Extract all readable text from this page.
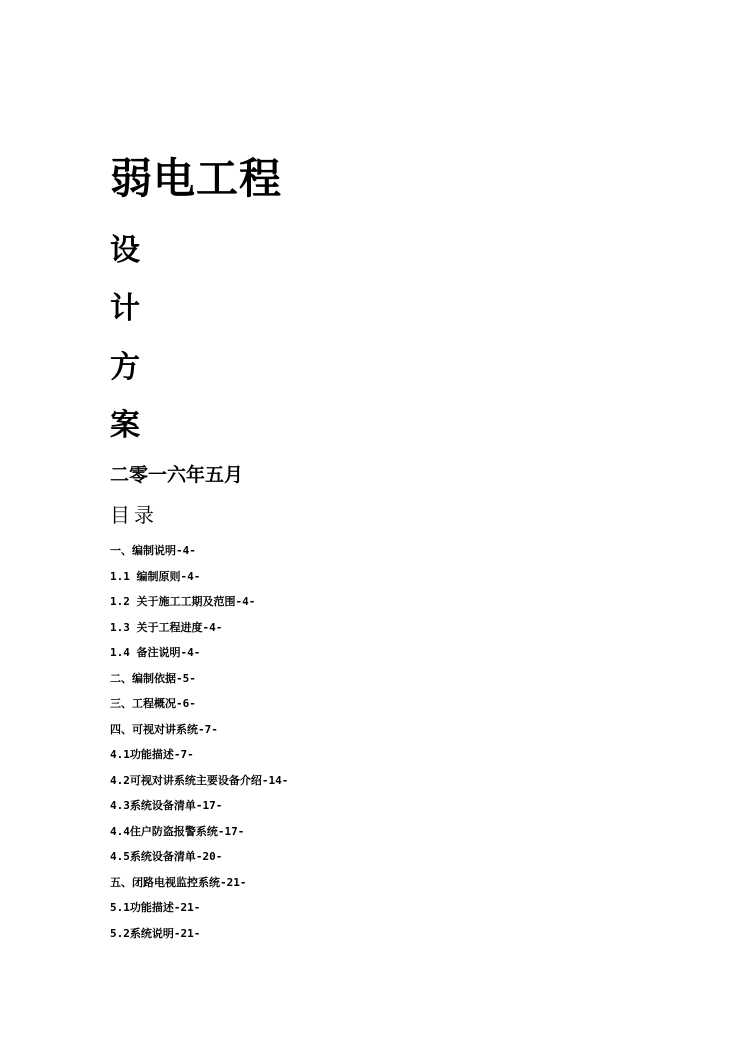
弱电工程
设
计
方
案
二零一六年五月
目录
一、编制说明-4-
1.1 编制原则-4-
1.2 关于施工工期及范围-4-
1.3 关于工程进度-4-
1.4 备注说明-4-
二、编制依据-5-
三、工程概况-6-
四、可视对讲系统-7-
4.1功能描述-7-
4.2可视对讲系统主要设备介绍-14-
4.3系统设备清单-17-
4.4住户防盗报警系统-17-
4.5系统设备清单-20-
五、闭路电视监控系统-21-
5.1功能描述-21-
5.2系统说明-21-
